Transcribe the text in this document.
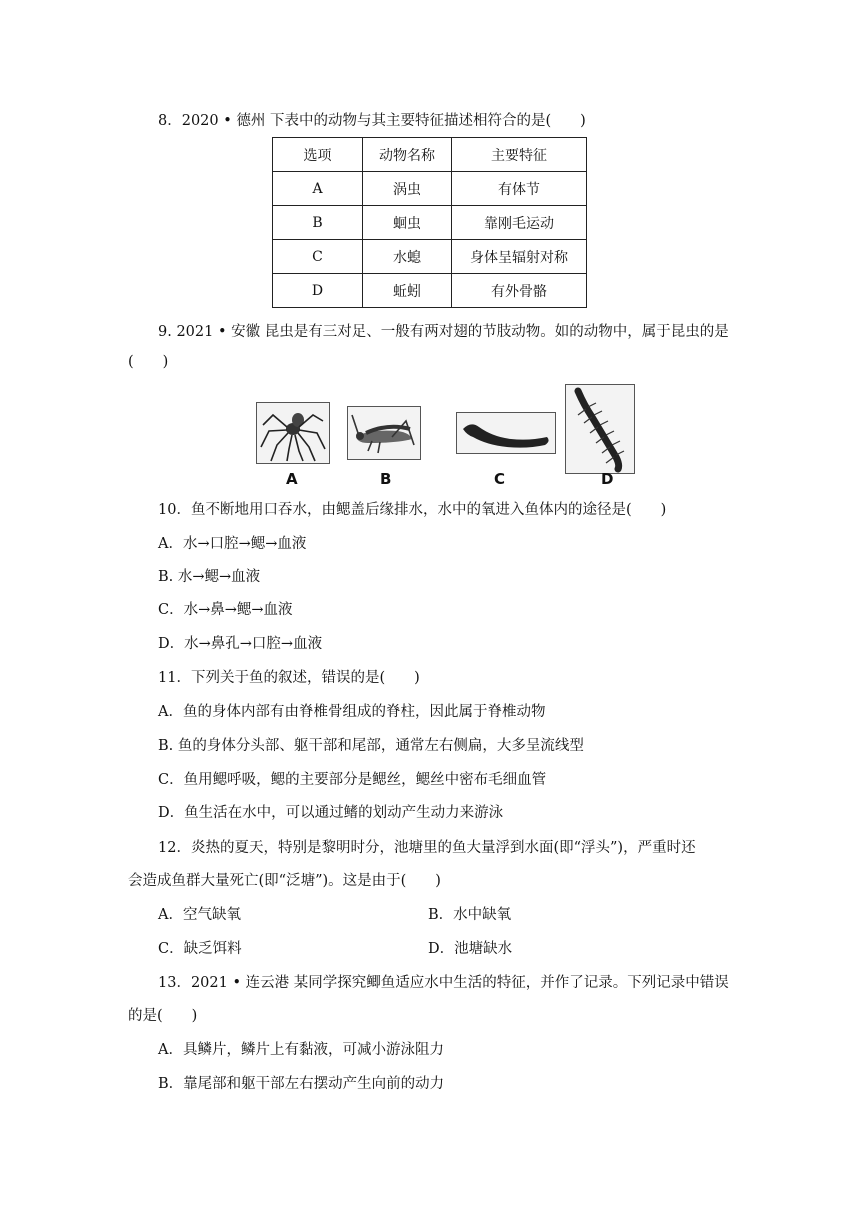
8．2020 • 德州 下表中的动物与其主要特征描述相符合的是(　　)
选项	动物名称	主要特征
A	涡虫	有体节
B	蛔虫	靠刚毛运动
C	水螅	身体呈辐射对称
D	蚯蚓	有外骨骼
9. 2021 • 安徽 昆虫是有三对足、一般有两对翅的节肢动物。如的动物中，属于昆虫的是
(　　)
A	B	C	D
10．鱼不断地用口吞水，由鳃盖后缘排水，水中的氧进入鱼体内的途径是(　　)
A．水→口腔→鳃→血液
B. 水→鳃→血液
C．水→鼻→鳃→血液
D．水→鼻孔→口腔→血液
11．下列关于鱼的叙述，错误的是(　　)
A．鱼的身体内部有由脊椎骨组成的脊柱，因此属于脊椎动物
B. 鱼的身体分头部、躯干部和尾部，通常左右侧扁，大多呈流线型
C．鱼用鳃呼吸，鳃的主要部分是鳃丝，鳃丝中密布毛细血管
D．鱼生活在水中，可以通过鳍的划动产生动力来游泳
12．炎热的夏天，特别是黎明时分，池塘里的鱼大量浮到水面(即“浮头”)，严重时还
会造成鱼群大量死亡(即“泛塘”)。这是由于(　　)
A．空气缺氧	B．水中缺氧
C．缺乏饵料	D．池塘缺水
13．2021 • 连云港 某同学探究鲫鱼适应水中生活的特征，并作了记录。下列记录中错误
的是(　　)
A．具鳞片，鳞片上有黏液，可减小游泳阻力
B．靠尾部和躯干部左右摆动产生向前的动力
